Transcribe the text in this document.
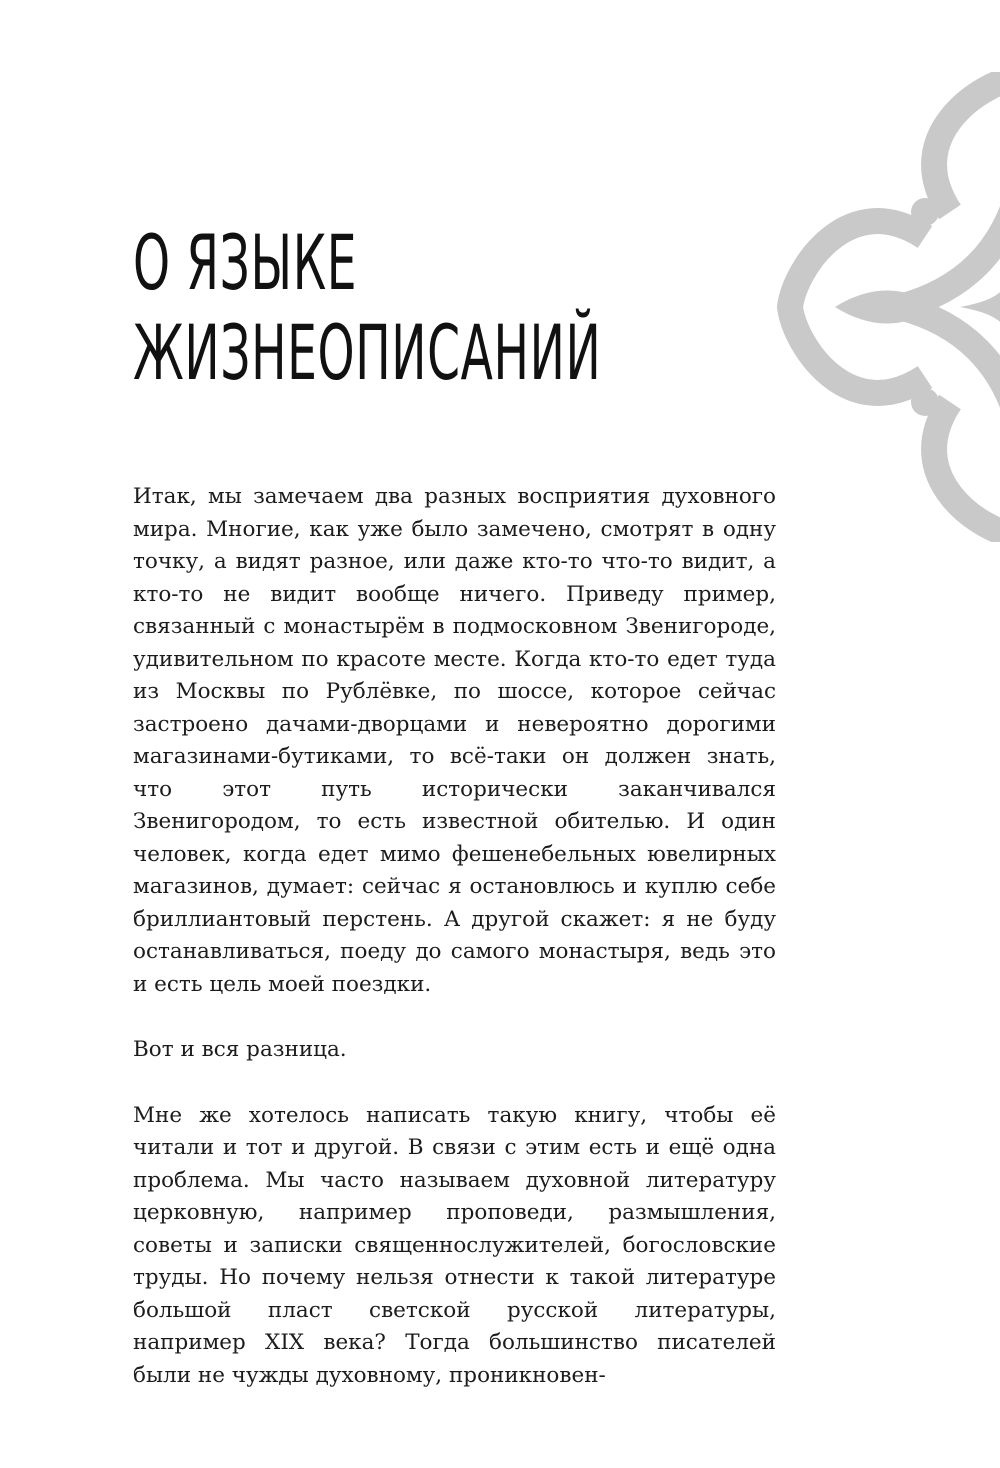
О ЯЗЫКЕ
ЖИЗНЕОПИСАНИЙ

Итак, мы замечаем два разных восприятия духовного мира. Многие, как уже было замечено, смотрят в одну точку, а видят разное, или даже кто-то что-то видит, а кто-то не видит вообще ничего. Приведу пример, связанный с монастырём в подмосковном Звенигороде, удивительном по красоте месте. Когда кто-то едет туда из Москвы по Рублёвке, по шоссе, которое сейчас застроено дачами-дворцами и невероятно дорогими магазинами-бутиками, то всё-таки он должен знать, что этот путь исторически заканчивался Звенигородом, то есть известной обителью. И один человек, когда едет мимо фешенебельных ювелирных магазинов, думает: сейчас я остановлюсь и куплю себе бриллиантовый перстень. А другой скажет: я не буду останавливаться, поеду до самого монастыря, ведь это и есть цель моей поездки.

Вот и вся разница.

Мне же хотелось написать такую книгу, чтобы её читали и тот и другой. В связи с этим есть и ещё одна проблема. Мы часто называем духовной литературу церковную, например проповеди, размышления, советы и записки священнослужителей, богословские труды. Но почему нельзя отнести к такой литературе большой пласт светской русской литературы, например XIX века? Тогда большинство писателей были не чужды духовному, проникновен-
